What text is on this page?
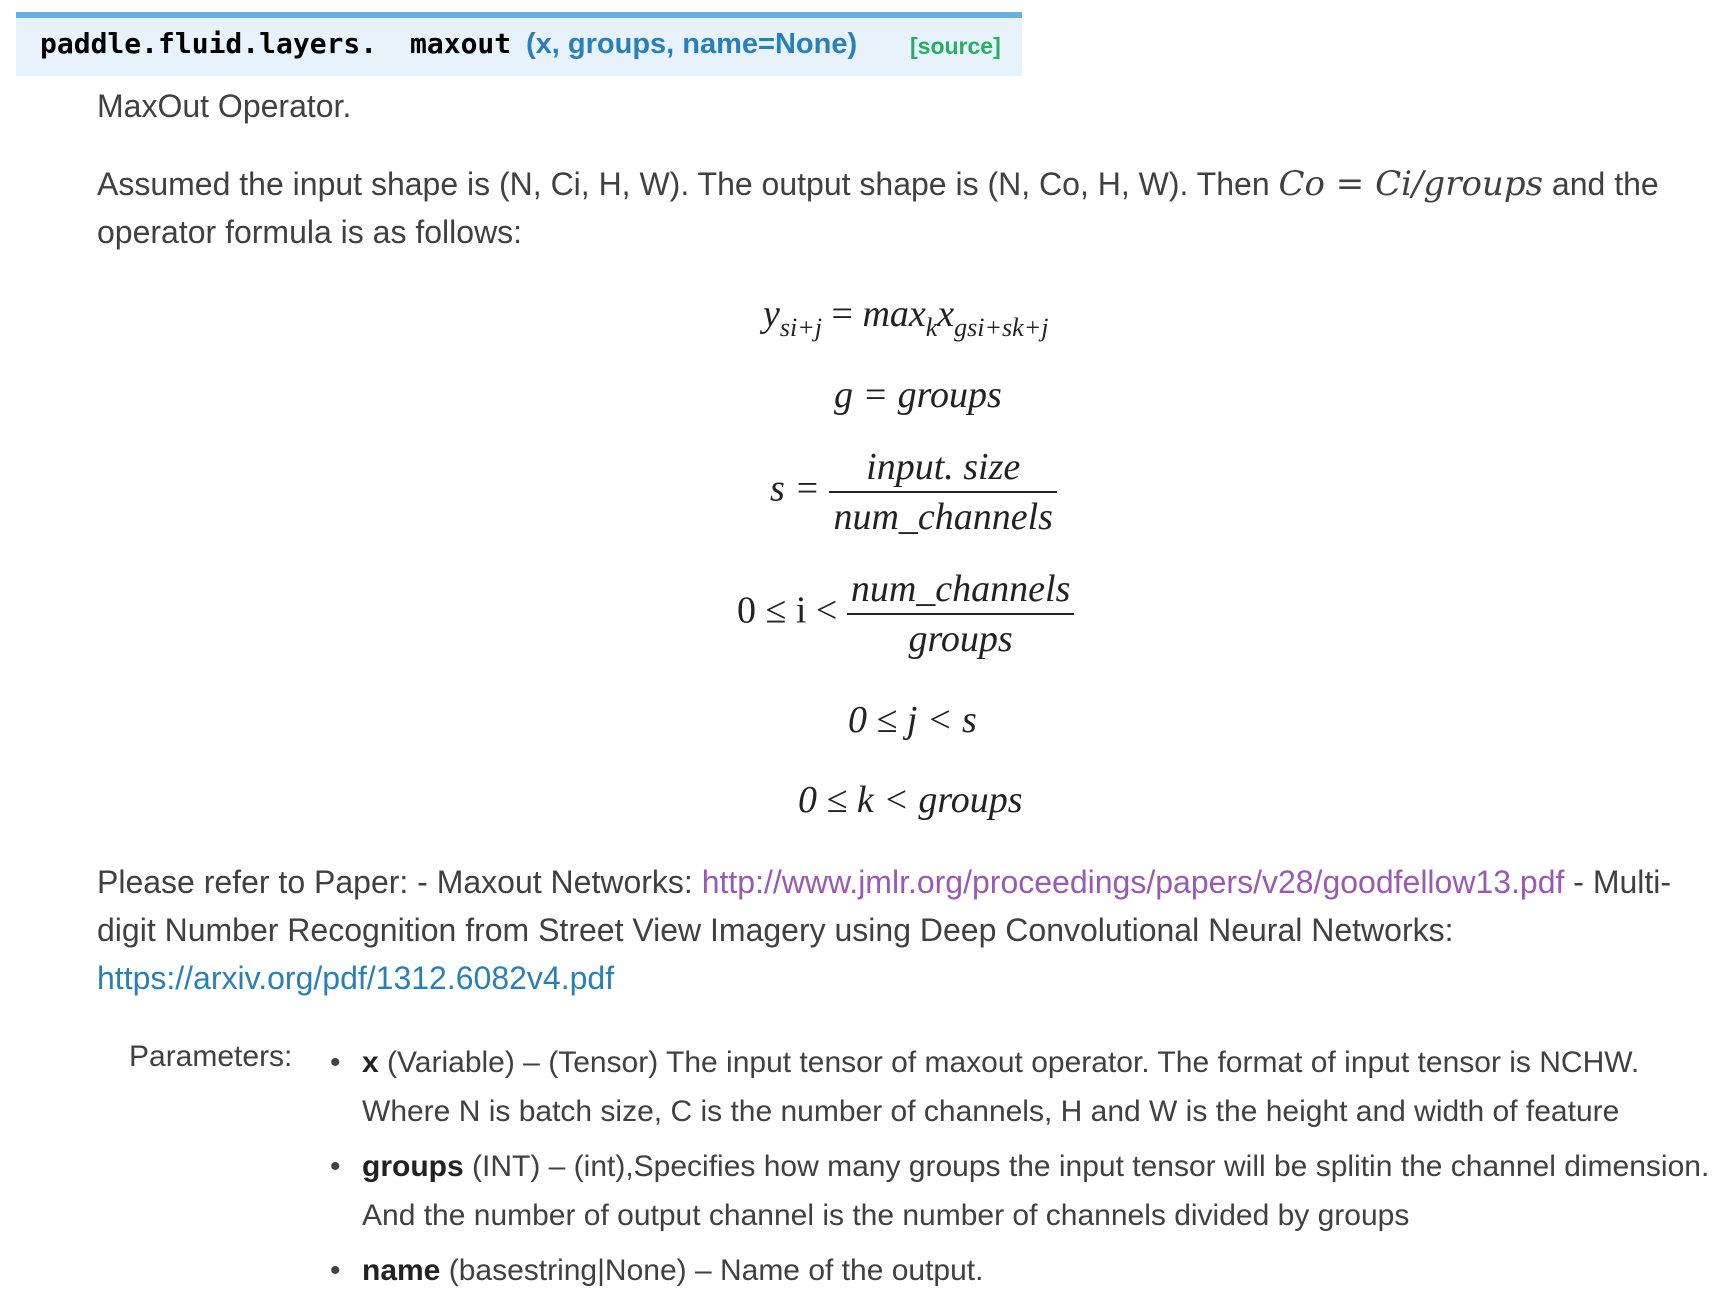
paddle.fluid.layers. maxout (x, groups, name=None) [source]
MaxOut Operator.
Assumed the input shape is (N, Ci, H, W). The output shape is (N, Co, H, W). Then Co = Ci/groups and the operator formula is as follows:
$y_{si+j} = \max_kx_{gsi+sk+j}$
g = groups
$s = \frac{\text{input. size}}{\text{num\_channels}}$
$0 \le i < \frac{\text{num\_channels}}{\text{groups}}$
0 ≤ j < s
0 ≤ k < groups
Please refer to Paper: - Maxout Networks: http://www.jmlr.org/proceedings/papers/v28/goodfellow13.pdf - Multi-digit Number Recognition from Street View Imagery using Deep Convolutional Neural Networks: https://arxiv.org/pdf/1312.6082v4.pdf
Parameters: • x (Variable) – (Tensor) The input tensor of maxout operator. The format of input tensor is NCHW. Where N is batch size, C is the number of channels, H and W is the height and width of feature
• groups (INT) – (int),Specifies how many groups the input tensor will be splitin the channel dimension. And the number of output channel is the number of channels divided by groups
• name (basestring|None) – Name of the output.
